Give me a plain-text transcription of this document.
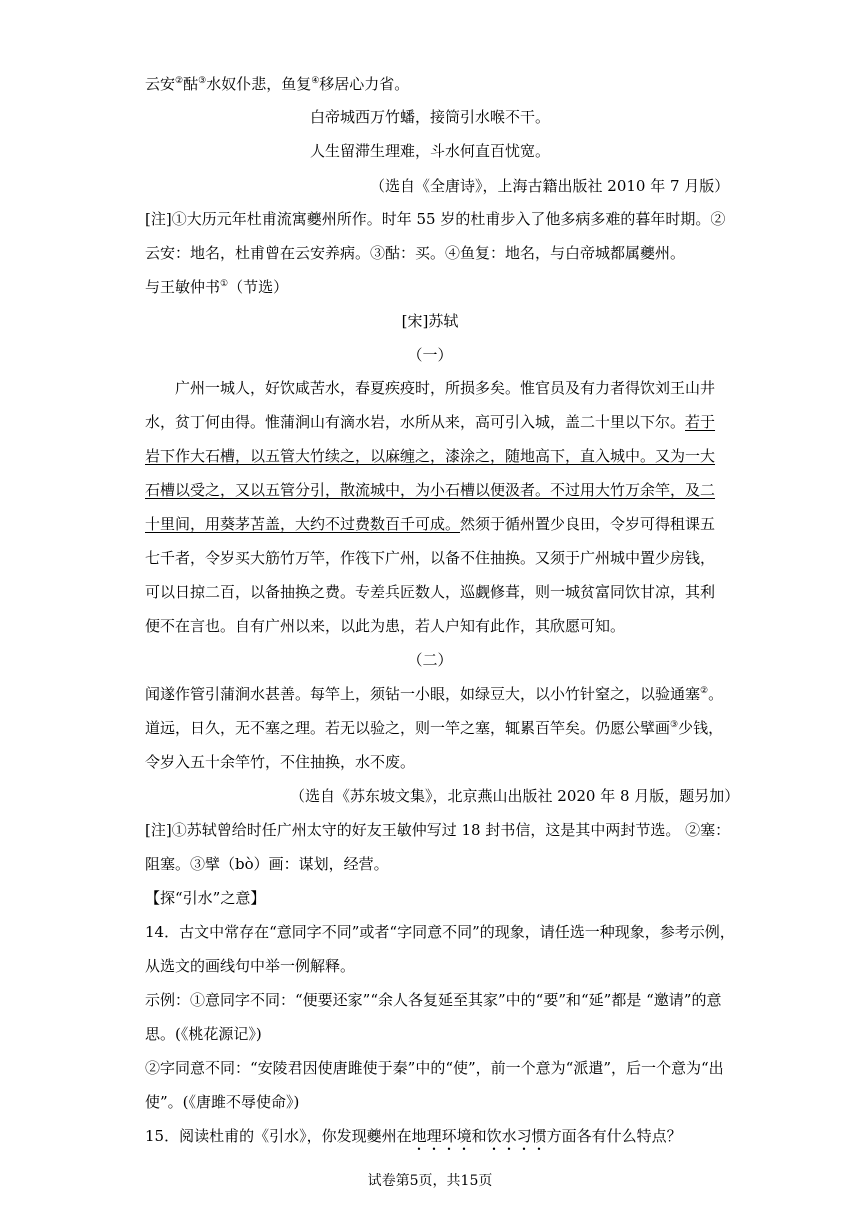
云安②酤③水奴仆悲，鱼复④移居心力省。
白帝城西万竹蟠，接筒引水喉不干。
人生留滞生理难，斗水何直百忧宽。
（选自《全唐诗》，上海古籍出版社 2010 年 7 月版）
[注]①大历元年杜甫流寓夔州所作。时年 55 岁的杜甫步入了他多病多难的暮年时期。②
云安：地名，杜甫曾在云安养病。③酤：买。④鱼复：地名，与白帝城都属夔州。
与王敏仲书①（节选）
[宋]苏轼
（一）
广州一城人，好饮咸苦水，春夏疾疫时，所损多矣。惟官员及有力者得饮刘王山井
水，贫丁何由得。惟蒲涧山有滴水岩，水所从来，高可引入城，盖二十里以下尔。若于
岩下作大石槽，以五管大竹续之，以麻缠之，漆涂之，随地高下，直入城中。又为一大
石槽以受之，又以五管分引，散流城中，为小石槽以便汲者。不过用大竹万余竿，及二
十里间，用葵茅苫盖，大约不过费数百千可成。然须于循州置少良田，令岁可得租课五
七千者，令岁买大筋竹万竿，作筏下广州，以备不住抽换。又须于广州城中置少房钱，
可以日掠二百，以备抽换之费。专差兵匠数人，巡觑修葺，则一城贫富同饮甘凉，其利
便不在言也。自有广州以来，以此为患，若人户知有此作，其欣愿可知。
（二）
闻遂作管引蒲涧水甚善。每竿上，须钻一小眼，如绿豆大，以小竹针窒之，以验通塞②。
道远，日久，无不塞之理。若无以验之，则一竿之塞，辄累百竿矣。仍愿公擘画③少钱，
令岁入五十余竿竹，不住抽换，水不废。
（选自《苏东坡文集》，北京燕山出版社 2020 年 8 月版，题另加）
[注]①苏轼曾给时任广州太守的好友王敏仲写过 18 封书信，这是其中两封节选。 ②塞：
阻塞。③擘（bò）画：谋划，经营。
【探“引水”之意】
14．古文中常存在“意同字不同”或者“字同意不同”的现象，请任选一种现象，参考示例，
从选文的画线句中举一例解释。
示例：①意同字不同：“便要还家”“余人各复延至其家”中的“要”和“延”都是 “邀请”的意
思。(《桃花源记》)
②字同意不同：“安陵君因使唐雎使于秦”中的“使”，前一个意为“派遣”，后一个意为“出
使”。(《唐雎不辱使命》)
15．阅读杜甫的《引水》，你发现夔州在地理环境和饮水习惯方面各有什么特点？
试卷第5页，共15页
